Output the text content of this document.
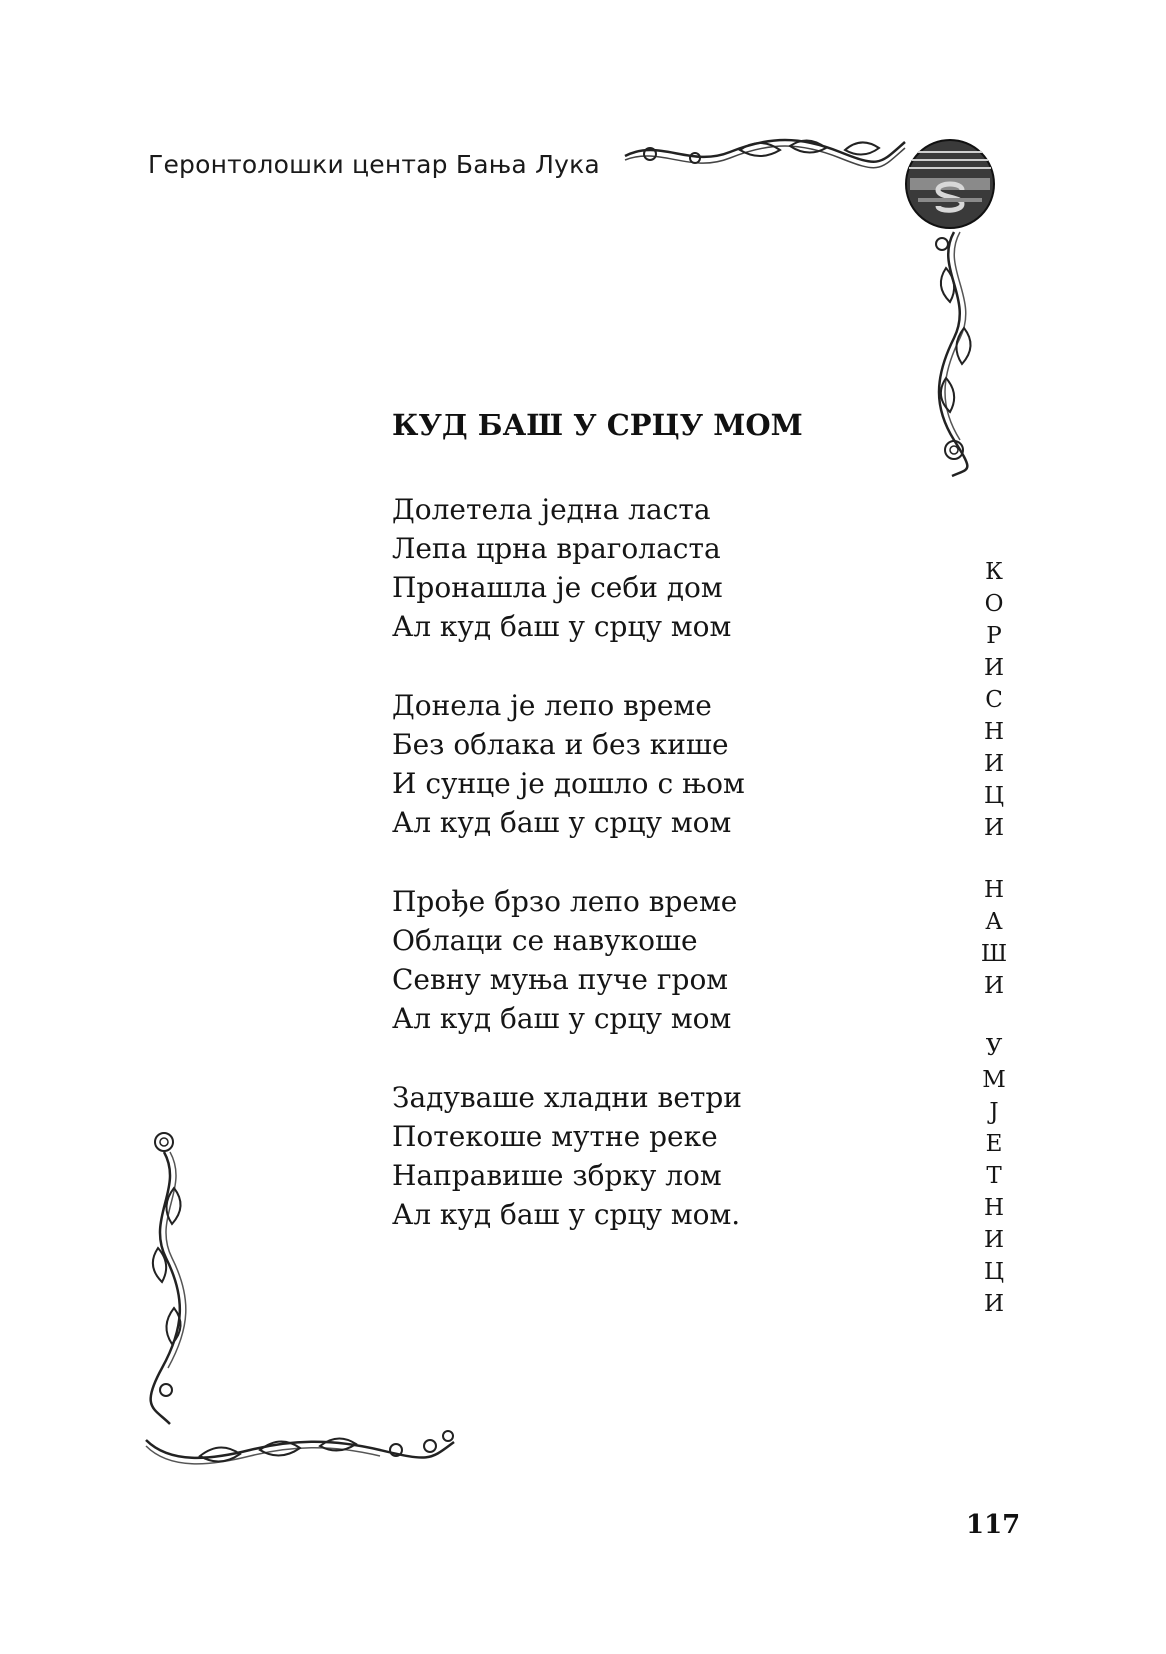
Геронтолошки центар Бања Лука
КУД БАШ У СРЦУ МОМ
Долетела једна ласта
Лепа црна враголаста
Пронашла је себи дом
Ал куд баш у срцу мом
Донела је лепо време
Без облака и без кише
И сунце је дошло с њом
Ал куд баш у срцу мом
Прође брзо лепо време
Облаци се навукоше
Севну муња пуче гром
Ал куд баш у срцу мом
Задуваше хладни ветри
Потекоше мутне реке
Направише збрку лом
Ал куд баш у срцу мом.
К
О
Р
И
С
Н
И
Ц
И
Н
А
Ш
И
У
М
Ј
Е
Т
Н
И
Ц
И
117
